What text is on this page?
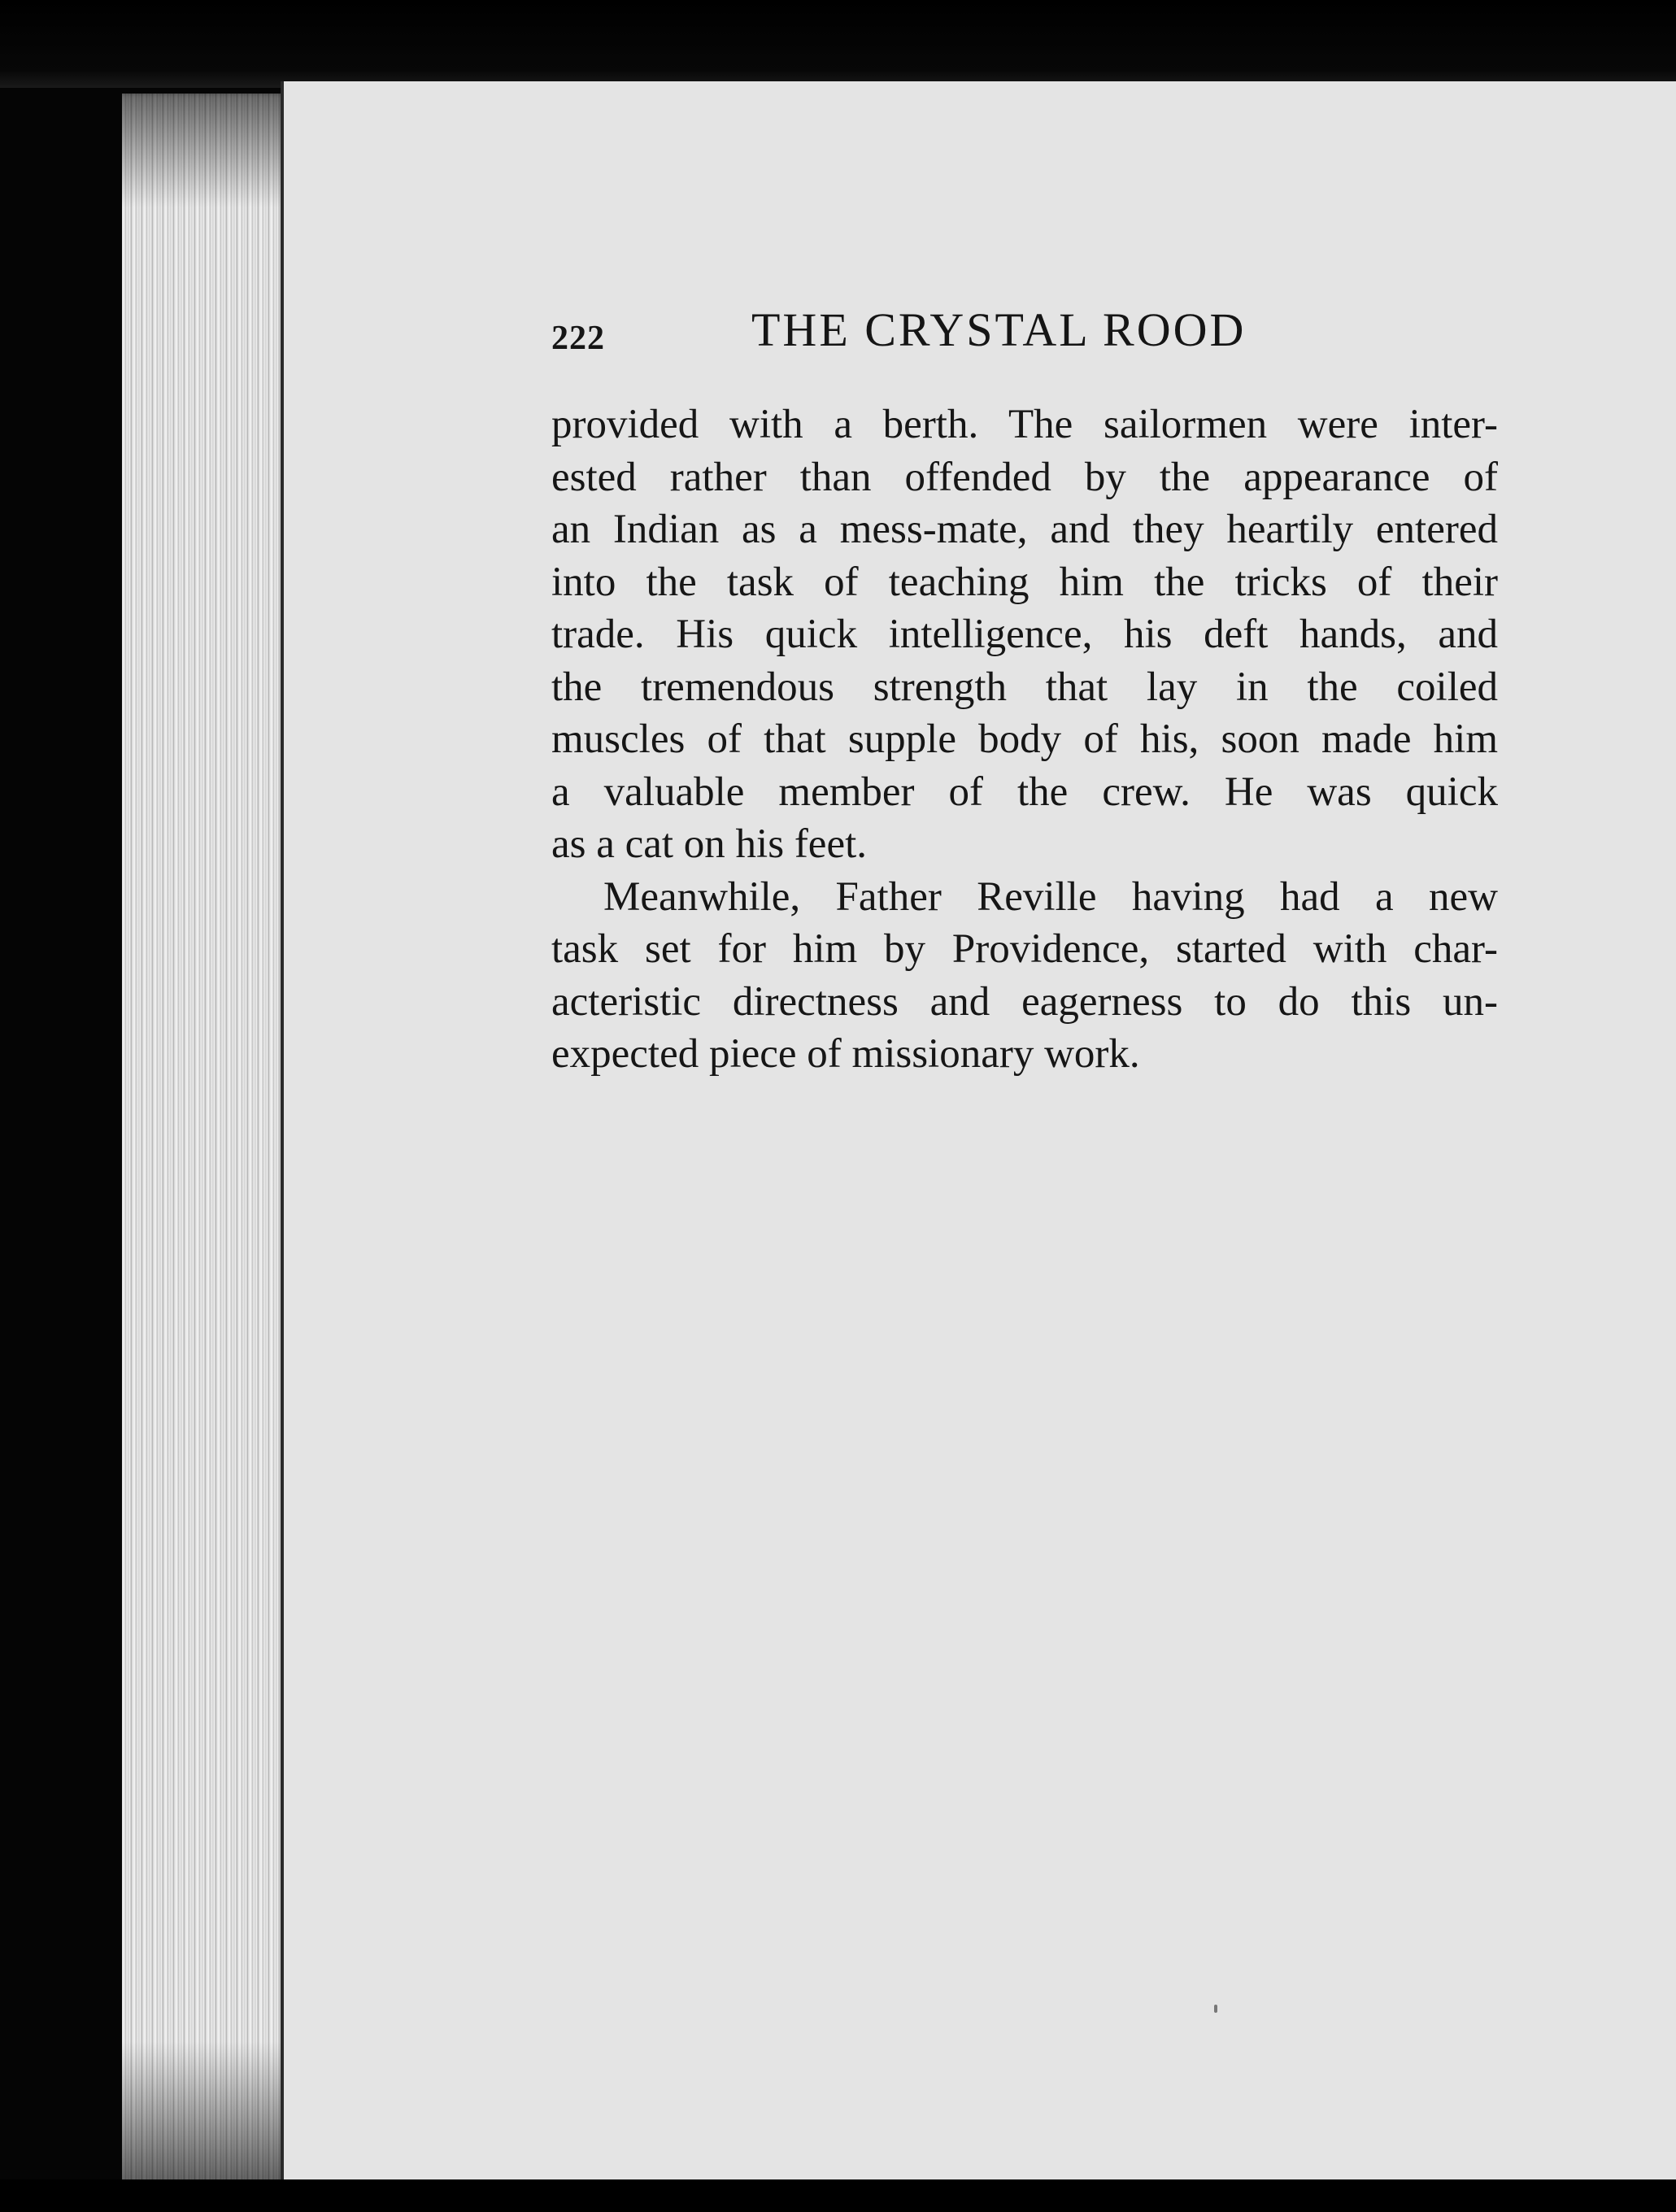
222	THE CRYSTAL ROOD

provided with a berth. The sailormen were inter-
ested rather than offended by the appearance of
an Indian as a mess-mate, and they heartily entered
into the task of teaching him the tricks of their
trade. His quick intelligence, his deft hands, and
the tremendous strength that lay in the coiled
muscles of that supple body of his, soon made him
a valuable member of the crew. He was quick
as a cat on his feet.

Meanwhile, Father Reville having had a new
task set for him by Providence, started with char-
acteristic directness and eagerness to do this un-
expected piece of missionary work.
